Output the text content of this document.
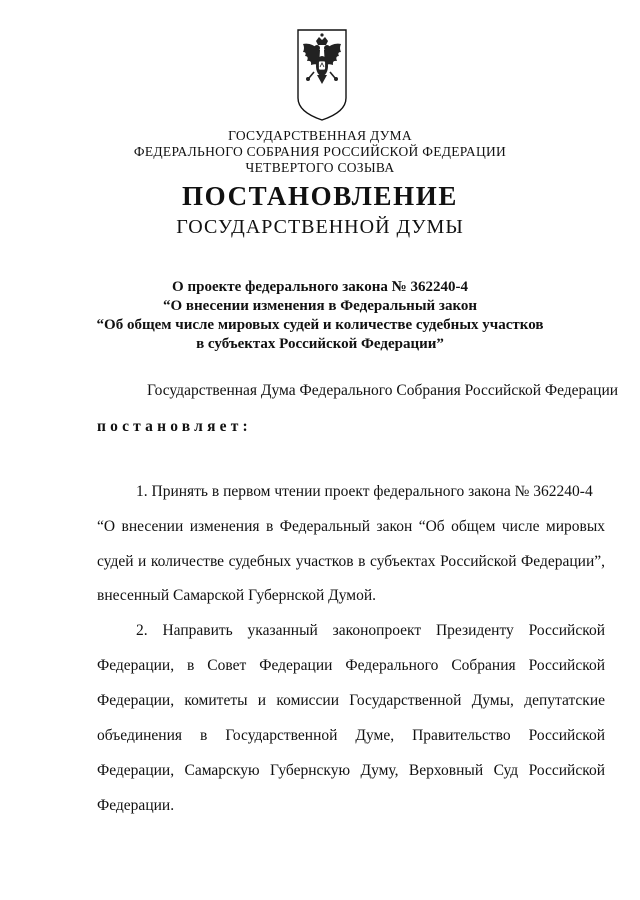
ГОСУДАРСТВЕННАЯ ДУМА
ФЕДЕРАЛЬНОГО СОБРАНИЯ РОССИЙСКОЙ ФЕДЕРАЦИИ
ЧЕТВЕРТОГО СОЗЫВА
ПОСТАНОВЛЕНИЕ
ГОСУДАРСТВЕННОЙ ДУМЫ
О проекте федерального закона № 362240-4
“О внесении изменения в Федеральный закон
“Об общем числе мировых судей и количестве судебных участков
в субъектах Российской Федерации”
Государственная Дума Федерального Собрания Российской Федерации
постановляет:
1. Принять в первом чтении проект федерального закона № 362240-4
“О внесении изменения в Федеральный закон “Об общем числе мировых
судей и количестве судебных участков в субъектах Российской Федерации”,
внесенный Самарской Губернской Думой.
2. Направить указанный законопроект Президенту Российской
Федерации, в Совет Федерации Федерального Собрания Российской
Федерации, комитеты и комиссии Государственной Думы, депутатские
объединения в Государственной Думе, Правительство Российской
Федерации, Самарскую Губернскую Думу, Верховный Суд Российской
Федерации.
